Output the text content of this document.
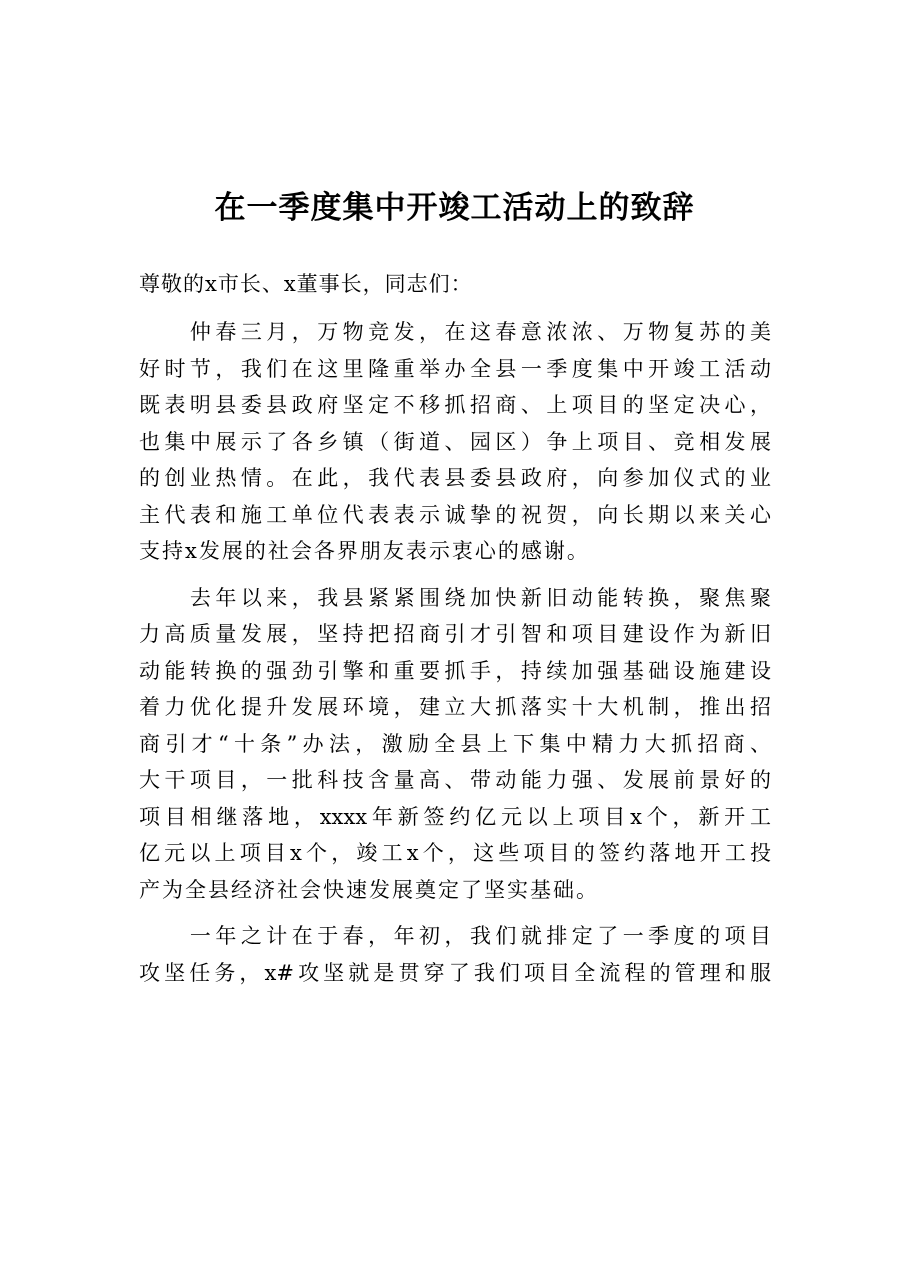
在一季度集中开竣工活动上的致辞

尊敬的x市长、x董事长，同志们：

　　仲春三月，万物竞发，在这春意浓浓、万物复苏的美
好时节，我们在这里隆重举办全县一季度集中开竣工活动
既表明县委县政府坚定不移抓招商、上项目的坚定决心，
也集中展示了各乡镇（街道、园区）争上项目、竞相发展
的创业热情。在此，我代表县委县政府，向参加仪式的业
主代表和施工单位代表表示诚挚的祝贺，向长期以来关心
支持x发展的社会各界朋友表示衷心的感谢。
　　去年以来，我县紧紧围绕加快新旧动能转换，聚焦聚
力高质量发展，坚持把招商引才引智和项目建设作为新旧
动能转换的强劲引擎和重要抓手，持续加强基础设施建设
着力优化提升发展环境，建立大抓落实十大机制，推出招
商引才“十条”办法，激励全县上下集中精力大抓招商、
大干项目，一批科技含量高、带动能力强、发展前景好的
项目相继落地，xxxx年新签约亿元以上项目x个，新开工
亿元以上项目x个，竣工x个，这些项目的签约落地开工投
产为全县经济社会快速发展奠定了坚实基础。
　　一年之计在于春，年初，我们就排定了一季度的项目
攻坚任务，x#攻坚就是贯穿了我们项目全流程的管理和服
